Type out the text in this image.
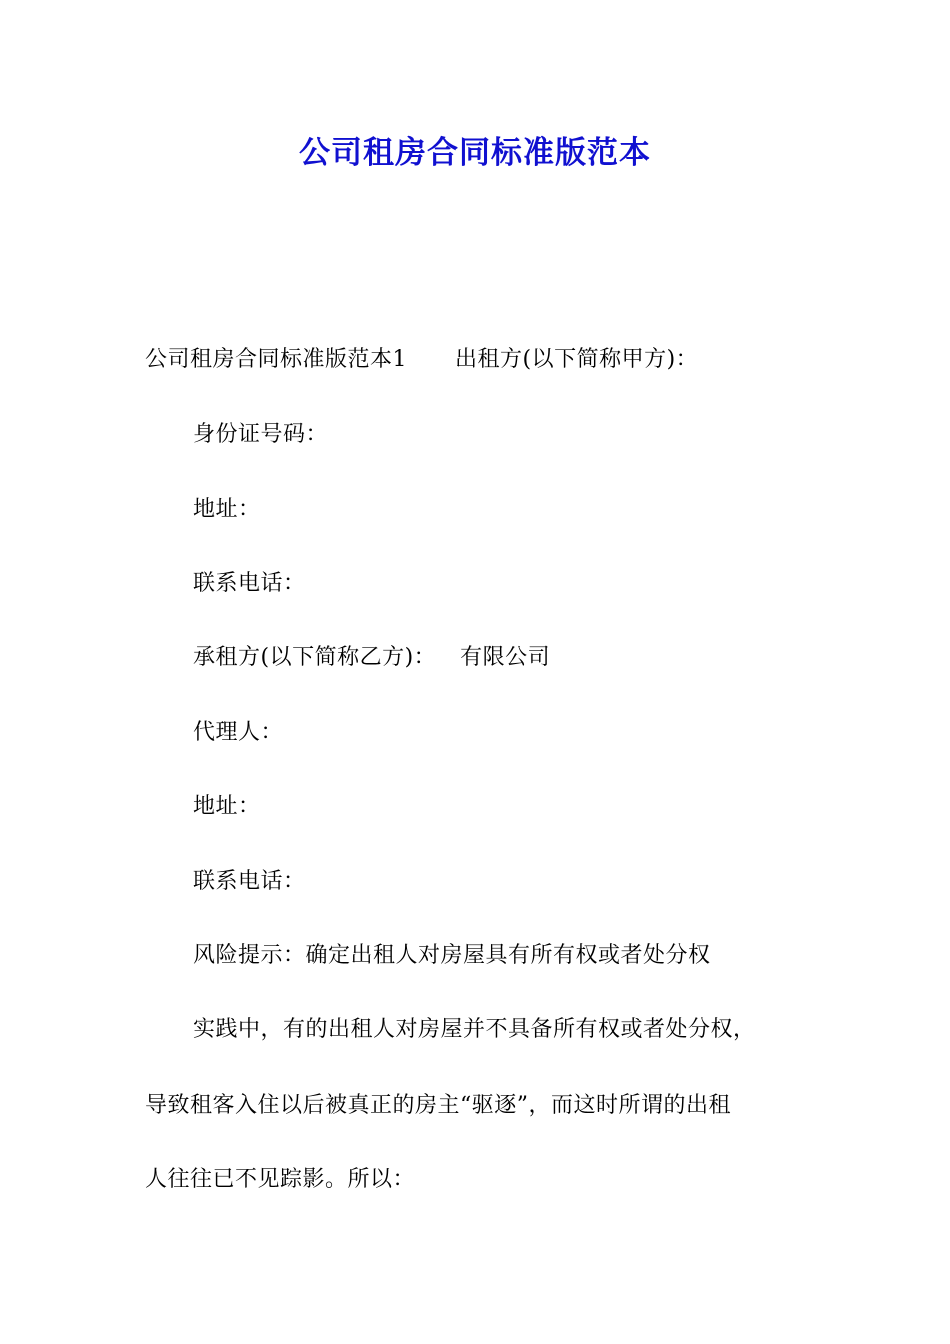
公司租房合同标准版范本
公司租房合同标准版范本1 出租方(以下简称甲方)：
身份证号码：
地址：
联系电话：
承租方(以下简称乙方)： 有限公司
代理人：
地址：
联系电话：
风险提示：确定出租人对房屋具有所有权或者处分权
实践中，有的出租人对房屋并不具备所有权或者处分权，
导致租客入住以后被真正的房主“驱逐”，而这时所谓的出租
人往往已不见踪影。所以：
